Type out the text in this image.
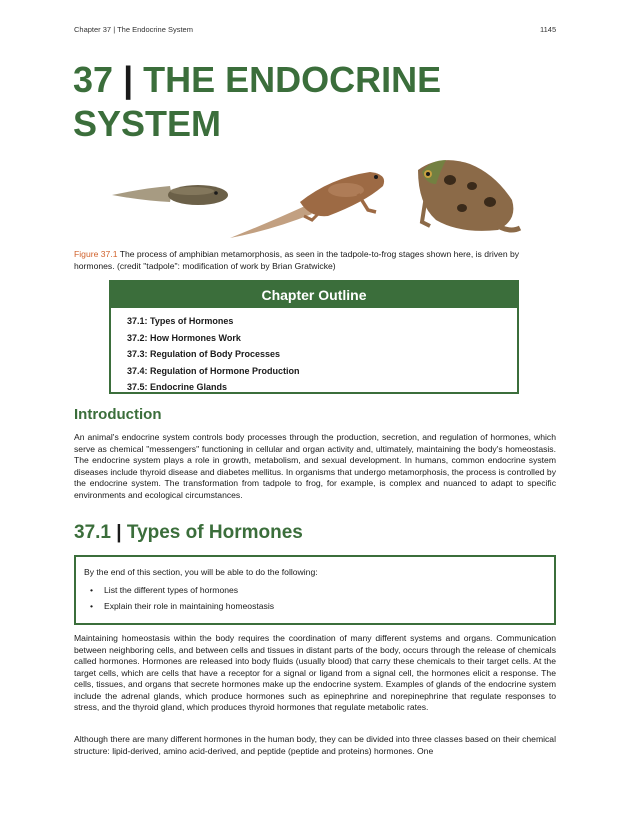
Chapter 37 | The Endocrine System	1145
37 | THE ENDOCRINE SYSTEM
Figure 37.1 The process of amphibian metamorphosis, as seen in the tadpole-to-frog stages shown here, is driven by hormones. (credit "tadpole": modification of work by Brian Gratwicke)
Chapter Outline
37.1: Types of Hormones
37.2: How Hormones Work
37.3: Regulation of Body Processes
37.4: Regulation of Hormone Production
37.5: Endocrine Glands
Introduction

An animal's endocrine system controls body processes through the production, secretion, and regulation of hormones, which serve as chemical "messengers" functioning in cellular and organ activity and, ultimately, maintaining the body's homeostasis. The endocrine system plays a role in growth, metabolism, and sexual development. In humans, common endocrine system diseases include thyroid disease and diabetes mellitus. In organisms that undergo metamorphosis, the process is controlled by the endocrine system. The transformation from tadpole to frog, for example, is complex and nuanced to adapt to specific environments and ecological circumstances.

37.1 | Types of Hormones
By the end of this section, you will be able to do the following:
• List the different types of hormones
• Explain their role in maintaining homeostasis

Maintaining homeostasis within the body requires the coordination of many different systems and organs. Communication between neighboring cells, and between cells and tissues in distant parts of the body, occurs through the release of chemicals called hormones. Hormones are released into body fluids (usually blood) that carry these chemicals to their target cells. At the target cells, which are cells that have a receptor for a signal or ligand from a signal cell, the hormones elicit a response. The cells, tissues, and organs that secrete hormones make up the endocrine system. Examples of glands of the endocrine system include the adrenal glands, which produce hormones such as epinephrine and norepinephrine that regulate responses to stress, and the thyroid gland, which produces thyroid hormones that regulate metabolic rates.

Although there are many different hormones in the human body, they can be divided into three classes based on their chemical structure: lipid-derived, amino acid-derived, and peptide (peptide and proteins) hormones. One
